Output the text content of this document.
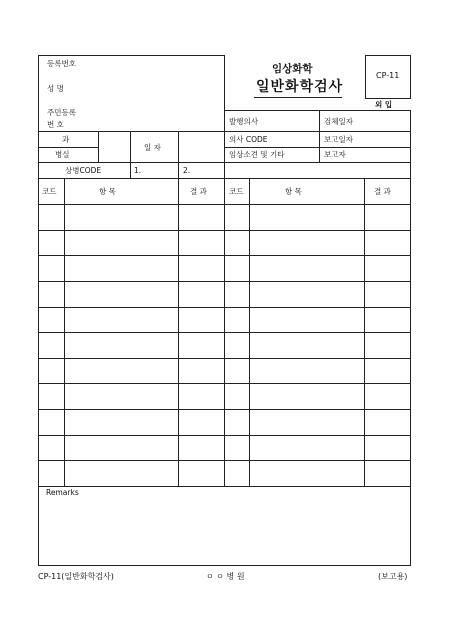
등록번호
성 명
주민등록
번 호
임상화학
일반화학검사
CP-11
외 입
과
병실
일 자
발행의사	검체일자
의사 CODE	보고일자
임상소견 및 기타	보고자
상병CODE	1.	2.
코드	항 목	결 과	코드	항 목	결 과
Remarks
CP-11(일반화학검사)	ㅇ ㅇ 병 원	(보고용)
